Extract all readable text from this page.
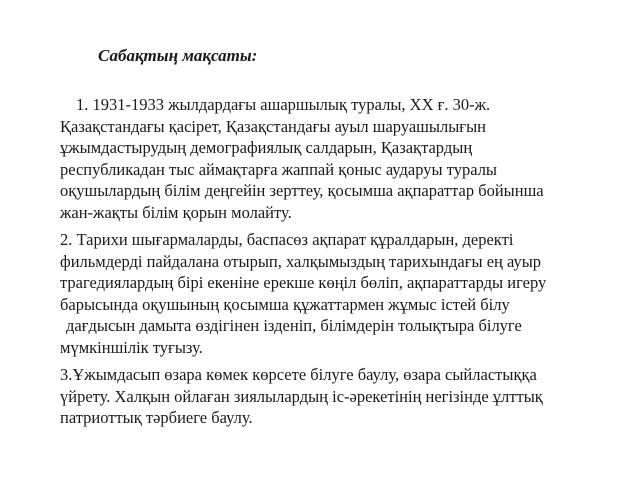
Сабақтың мақсаты:

1. 1931-1933 жылдардағы ашаршылық туралы, ХХ ғ. 30-ж.
Қазақстандағы қасірет, Қазақстандағы ауыл шаруашылығын
ұжымдастырудың демографиялық салдарын, Қазақтардың
республикадан тыс аймақтарға жаппай қоныс аударуы туралы
оқушылардың білім деңгейін зерттеу, қосымша ақпараттар бойынша
жан-жақты білім қорын молайту.

2. Тарихи шығармаларды, баспасөз ақпарат құралдарын, деректі
фильмдерді пайдалана отырып, халқымыздың тарихындағы ең ауыр
трагедиялардың бірі екеніне ерекше көңіл бөліп, ақпараттарды игеру
барысында оқушының қосымша құжаттармен жұмыс істей білу
дағдысын дамыта өздігінен ізденіп, білімдерін толықтыра білуге
мүмкіншілік туғызу.

3.Ұжымдасып өзара көмек көрсете білуге баулу, өзара сыйластыққа
үйрету. Халқын ойлаған зиялылардың іс-әрекетінің негізінде ұлттық
патриоттық тәрбиеге баулу.
